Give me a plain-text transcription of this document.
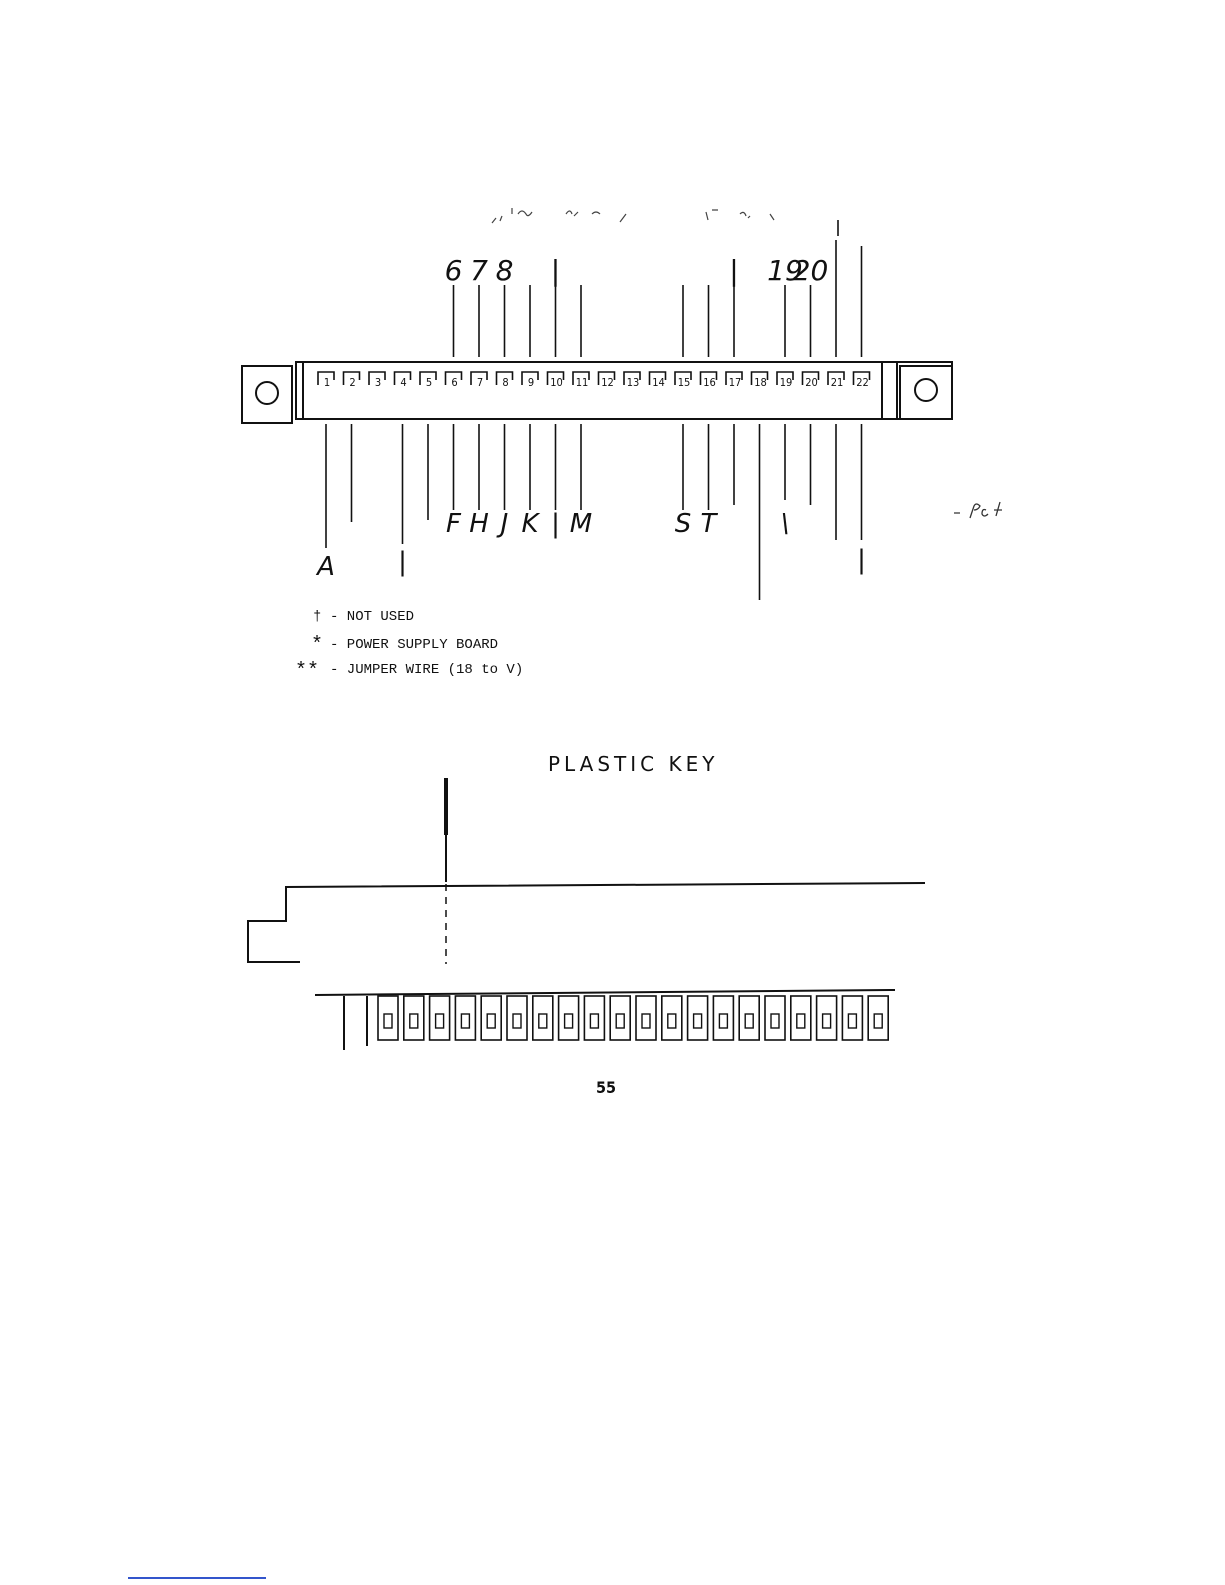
6 7 8 |	| 19
20
1 2 3 4 5 6 7 8 9 10 11 12 13 14 15 16 17 18 19 20 21 22
A |
F H J K | M	S T \
|
† - NOT USED
* - POWER SUPPLY BOARD
** - JUMPER WIRE (18 to V)
PLASTIC KEY
55
